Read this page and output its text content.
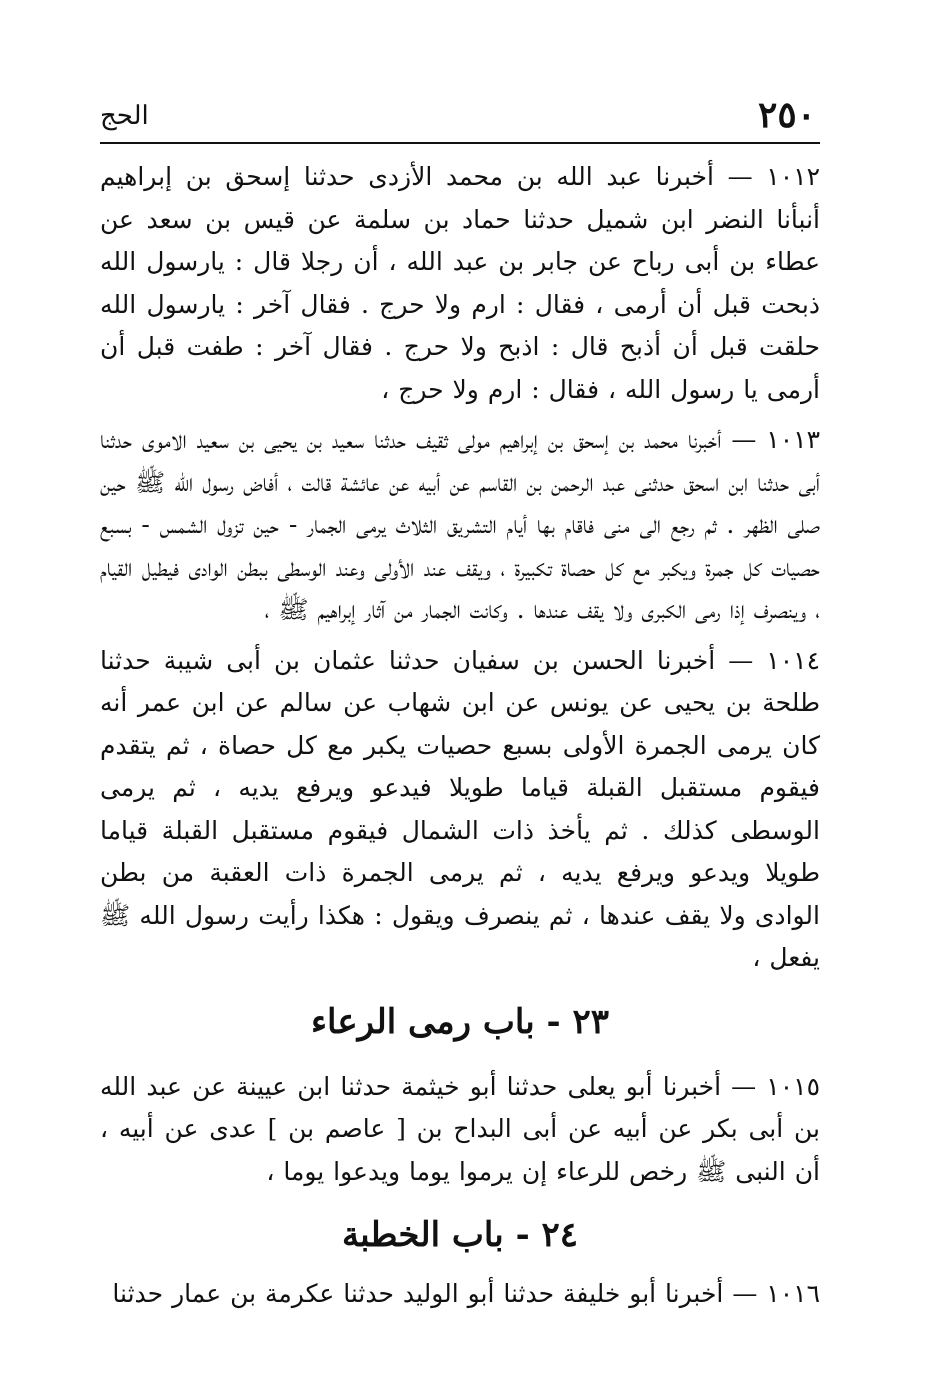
٢٥٠
الحج

١٠١٢ — أخبرنا عبد الله بن محمد الأزدى حدثنا إسحق بن إبراهيم أنبأنا النضر ابن شميل حدثنا حماد بن سلمة عن قيس بن سعد عن عطاء بن أبى رباح عن جابر بن عبد الله ، أن رجلا قال : يارسول الله ذبحت قبل أن أرمى ، فقال : ارم ولا حرج . فقال آخر : يارسول الله حلقت قبل أن أذبح قال : اذبح ولا حرج . فقال آخر : طفت قبل أن أرمى يا رسول الله ، فقال : ارم ولا حرج ،

١٠١٣ — أخبرنا محمد بن إسحق بن إبراهيم مولى ثقيف حدثنا سعيد بن يحيى بن سعيد الاموى حدثنا أبى حدثنا ابن اسحق حدثنى عبد الرحمن بن القاسم عن أبيه عن عائشة قالت ، أفاض رسول الله ﷺ حين صلى الظهر . ثم رجع الى منى فاقام بها أيام التشريق الثلاث يرمى الجمار - حين تزول الشمس - بسبع حصيات كل جمرة ويكبر مع كل حصاة تكبيرة ، ويقف عند الأولى وعند الوسطى ببطن الوادى فيطيل القيام ، وينصرف إذا رمى الكبرى ولا يقف عندها . وكانت الجمار من آثار إبراهيم ﷺ ،

١٠١٤ — أخبرنا الحسن بن سفيان حدثنا عثمان بن أبى شيبة حدثنا طلحة بن يحيى عن يونس عن ابن شهاب عن سالم عن ابن عمر أنه كان يرمى الجمرة الأولى بسبع حصيات يكبر مع كل حصاة ، ثم يتقدم فيقوم مستقبل القبلة قياما طويلا فيدعو ويرفع يديه ، ثم يرمى الوسطى كذلك . ثم يأخذ ذات الشمال فيقوم مستقبل القبلة قياما طويلا ويدعو ويرفع يديه ، ثم يرمى الجمرة ذات العقبة من بطن الوادى ولا يقف عندها ، ثم ينصرف ويقول : هكذا رأيت رسول الله ﷺ يفعل ،

٢٣ - باب رمى الرعاء

١٠١٥ — أخبرنا أبو يعلى حدثنا أبو خيثمة حدثنا ابن عيينة عن عبد الله بن أبى بكر عن أبيه عن أبى البداح بن [ عاصم بن ] عدى عن أبيه ، أن النبى ﷺ رخص للرعاء إن يرموا يوما ويدعوا يوما ،

٢٤ - باب الخطبة

١٠١٦ — أخبرنا أبو خليفة حدثنا أبو الوليد حدثنا عكرمة بن عمار حدثنا
